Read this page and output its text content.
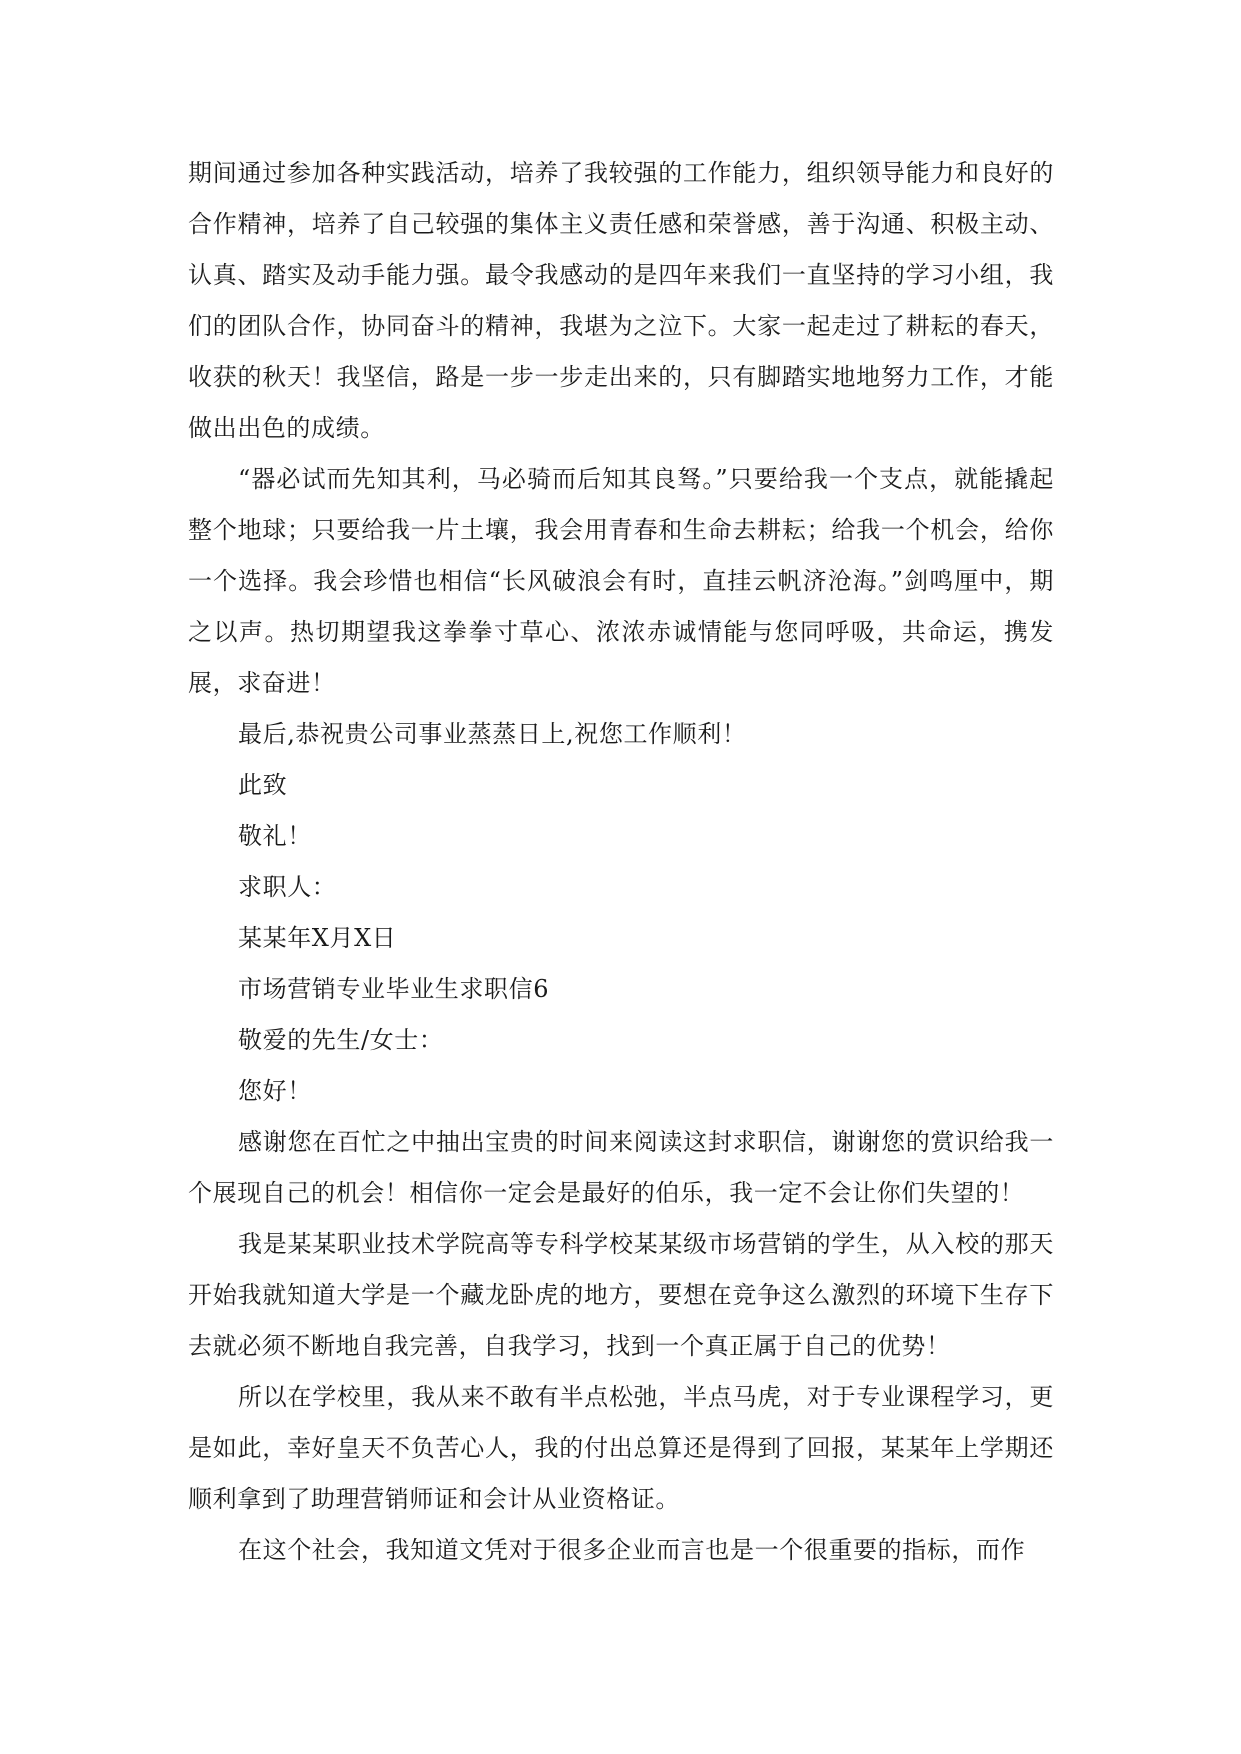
期间通过参加各种实践活动，培养了我较强的工作能力，组织领导能力和良好的合作精神，培养了自己较强的集体主义责任感和荣誉感，善于沟通、积极主动、认真、踏实及动手能力强。最令我感动的是四年来我们一直坚持的学习小组，我们的团队合作，协同奋斗的精神，我堪为之泣下。大家一起走过了耕耘的春天，收获的秋天！我坚信，路是一步一步走出来的，只有脚踏实地地努力工作，才能做出出色的成绩。

“器必试而先知其利，马必骑而后知其良驽。”只要给我一个支点，就能撬起整个地球；只要给我一片土壤，我会用青春和生命去耕耘；给我一个机会，给你一个选择。我会珍惜也相信“长风破浪会有时，直挂云帆济沧海。”剑鸣厘中，期之以声。热切期望我这拳拳寸草心、浓浓赤诚情能与您同呼吸，共命运，携发展，求奋进！

最后,恭祝贵公司事业蒸蒸日上,祝您工作顺利！

此致

敬礼！

求职人：

某某年X月X日

市场营销专业毕业生求职信6

敬爱的先生/女士：

您好！

感谢您在百忙之中抽出宝贵的时间来阅读这封求职信，谢谢您的赏识给我一个展现自己的机会！相信你一定会是最好的伯乐，我一定不会让你们失望的！

我是某某职业技术学院高等专科学校某某级市场营销的学生，从入校的那天开始我就知道大学是一个藏龙卧虎的地方，要想在竞争这么激烈的环境下生存下去就必须不断地自我完善，自我学习，找到一个真正属于自己的优势！

所以在学校里，我从来不敢有半点松弛，半点马虎，对于专业课程学习，更是如此，幸好皇天不负苦心人，我的付出总算还是得到了回报，某某年上学期还顺利拿到了助理营销师证和会计从业资格证。

在这个社会，我知道文凭对于很多企业而言也是一个很重要的指标，而作
